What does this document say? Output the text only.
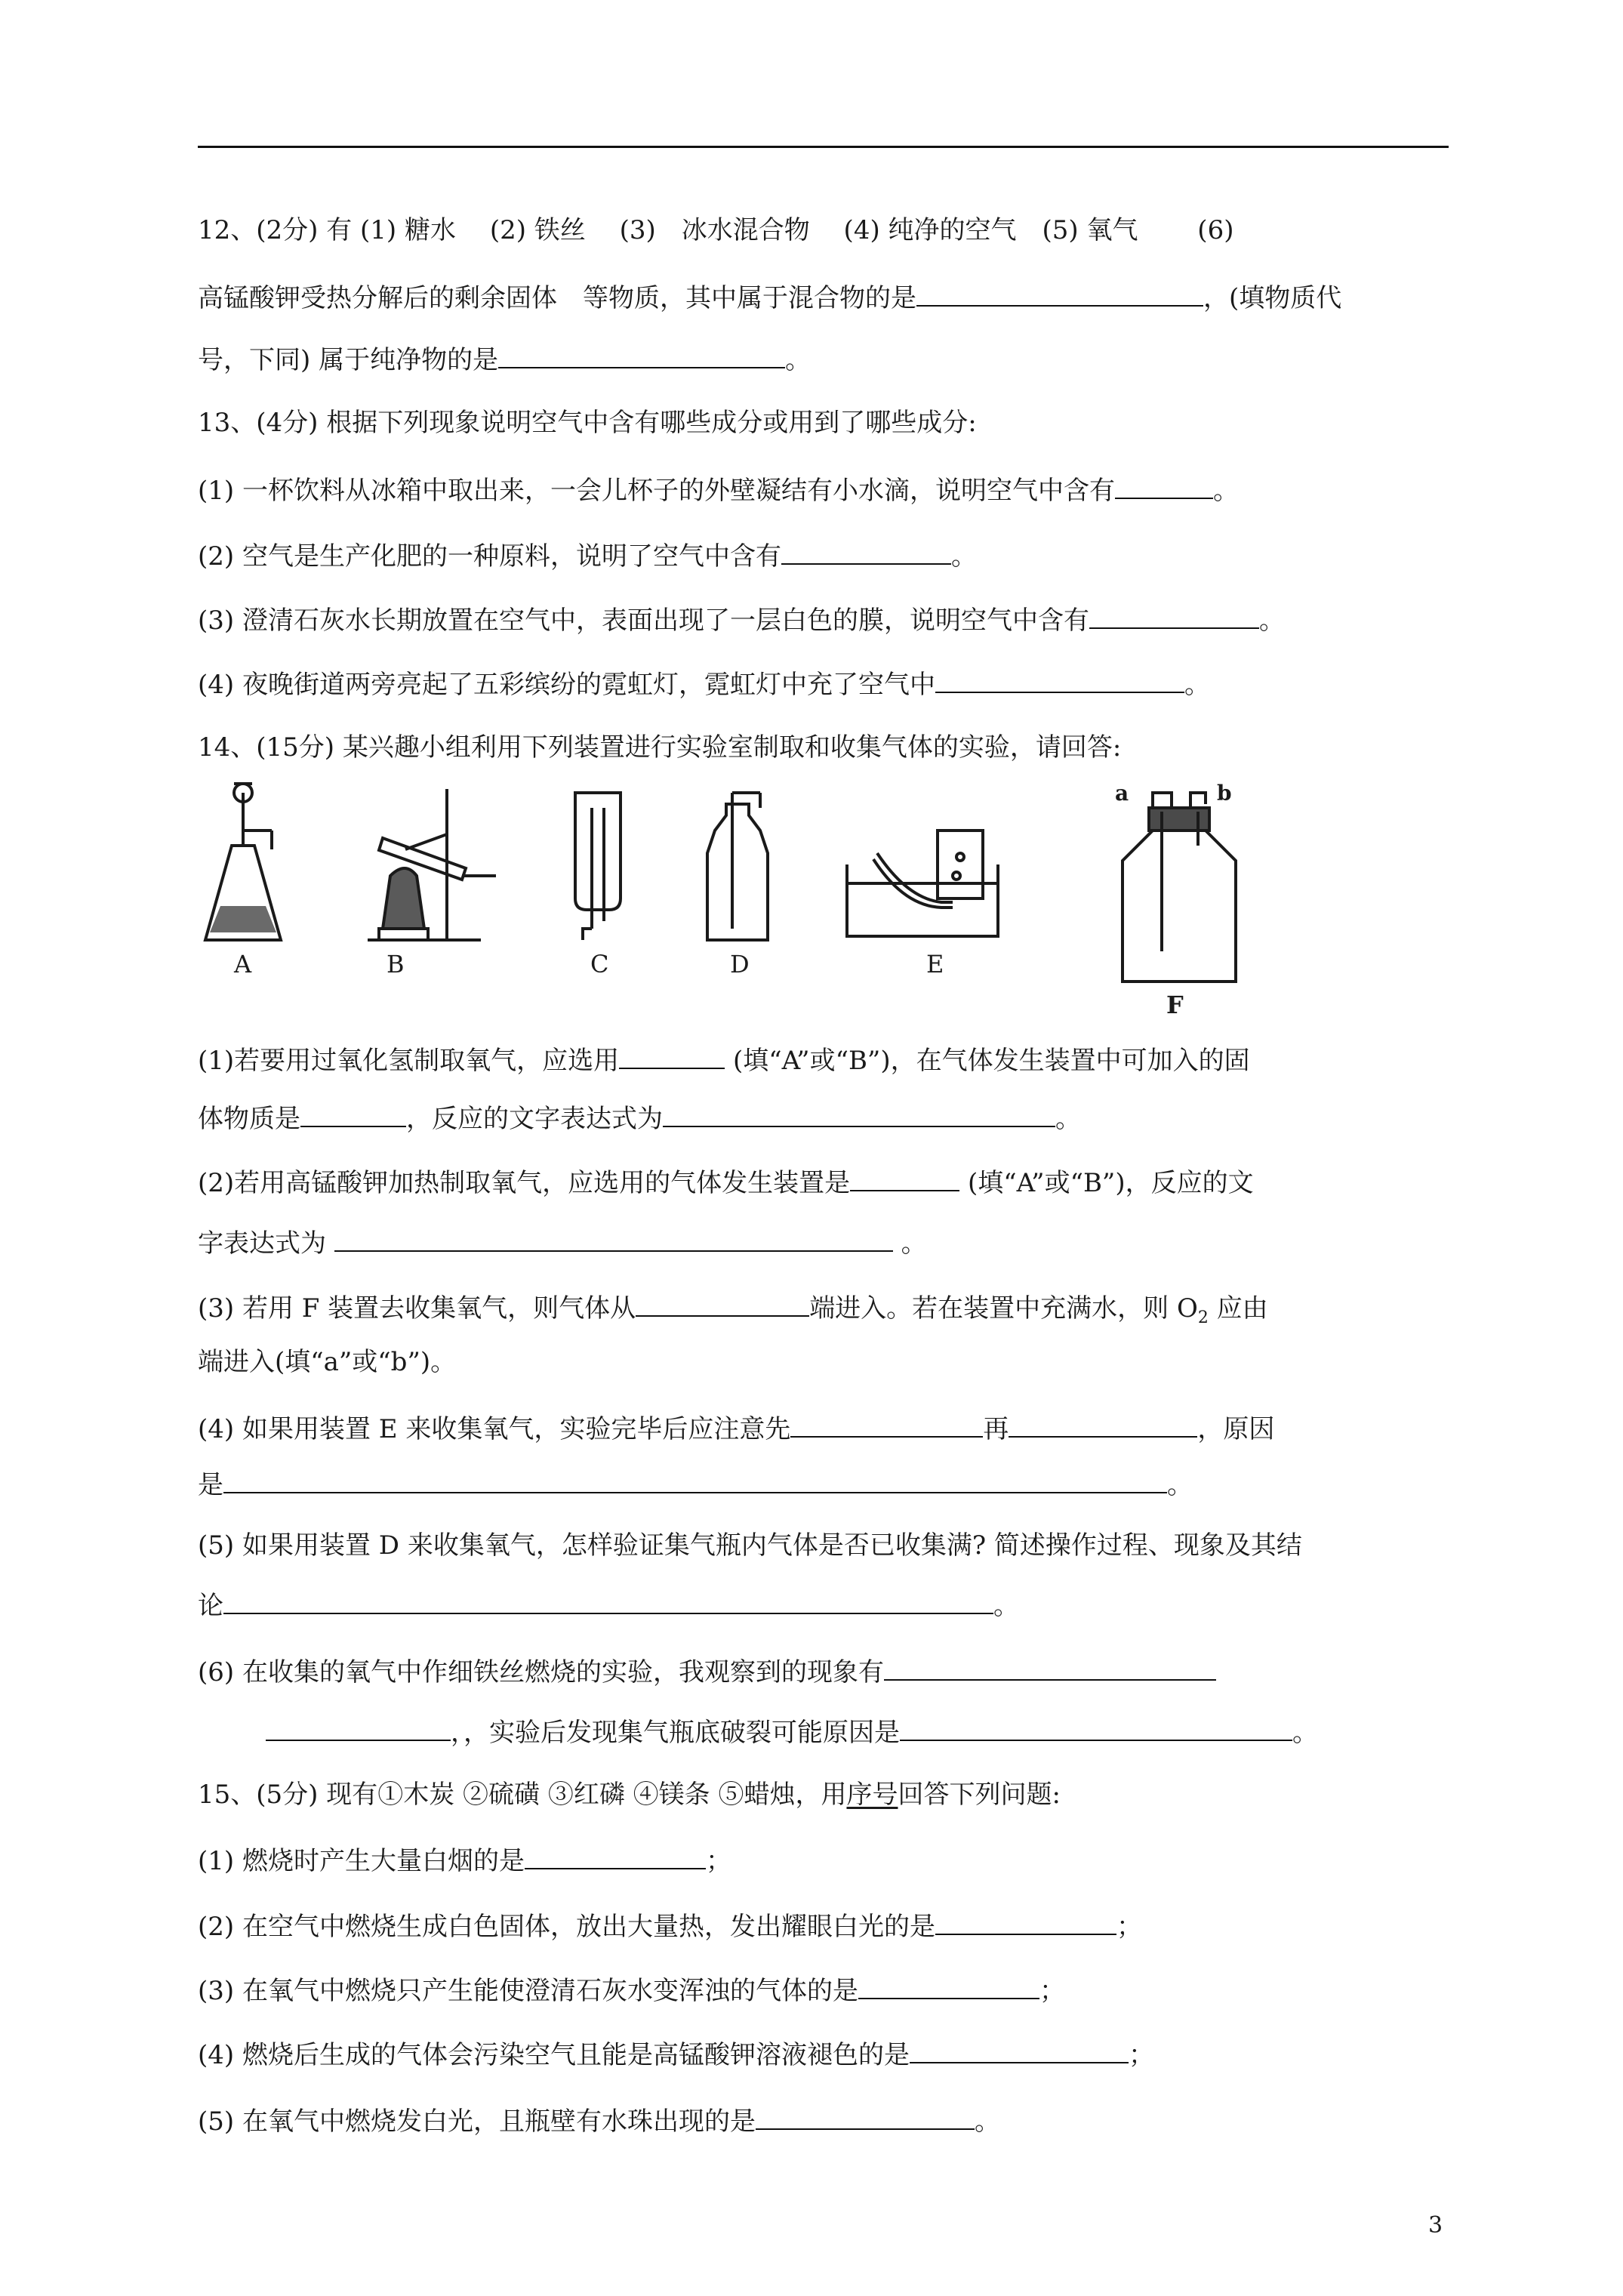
12、(2分) 有 (1) 糖水　 (2) 铁丝　 (3)　冰水混合物　 (4) 纯净的空气　(5) 氧气　　 (6)
高锰酸钾受热分解后的剩余固体　等物质，其中属于混合物的是	，(填物质代
号，下同) 属于纯净物的是	。
13、(4分) 根据下列现象说明空气中含有哪些成分或用到了哪些成分:
(1) 一杯饮料从冰箱中取出来，一会儿杯子的外壁凝结有小水滴，说明空气中含有	。
(2) 空气是生产化肥的一种原料，说明了空气中含有	。
(3) 澄清石灰水长期放置在空气中，表面出现了一层白色的膜，说明空气中含有	。
(4) 夜晚街道两旁亮起了五彩缤纷的霓虹灯，霓虹灯中充了空气中	。
14、(15分) 某兴趣小组利用下列装置进行实验室制取和收集气体的实验，请回答:
A	B	C	D	E
F
a	b
(1)若要用过氧化氢制取氧气，应选用	(填“A”或“B”)，在气体发生装置中可加入的固
体物质是	，反应的文字表达式为	。
(2)若用高锰酸钾加热制取氧气，应选用的气体发生装置是	(填“A”或“B”)，反应的文
字表达式为	。
(3) 若用 F 装置去收集氧气，则气体从	端进入。若在装置中充满水，则 $O_2$ 应由
端进入(填“a”或“b”)。
(4) 如果用装置 E 来收集氧气，实验完毕后应注意先	再	，原因
是	。
(5) 如果用装置 D 来收集氧气，怎样验证集气瓶内气体是否已收集满? 简述操作过程、现象及其结
论	。
(6) 在收集的氧气中作细铁丝燃烧的实验，我观察到的现象有
，，实验后发现集气瓶底破裂可能原因是	。
15、(5分) 现有①木炭 ②硫磺 ③红磷 ④镁条 ⑤蜡烛，用序号回答下列问题:
(1) 燃烧时产生大量白烟的是	；
(2) 在空气中燃烧生成白色固体，放出大量热，发出耀眼白光的是	；
(3) 在氧气中燃烧只产生能使澄清石灰水变浑浊的气体的是	；
(4) 燃烧后生成的气体会污染空气且能是高锰酸钾溶液褪色的是	；
(5) 在氧气中燃烧发白光，且瓶壁有水珠出现的是	。
3
